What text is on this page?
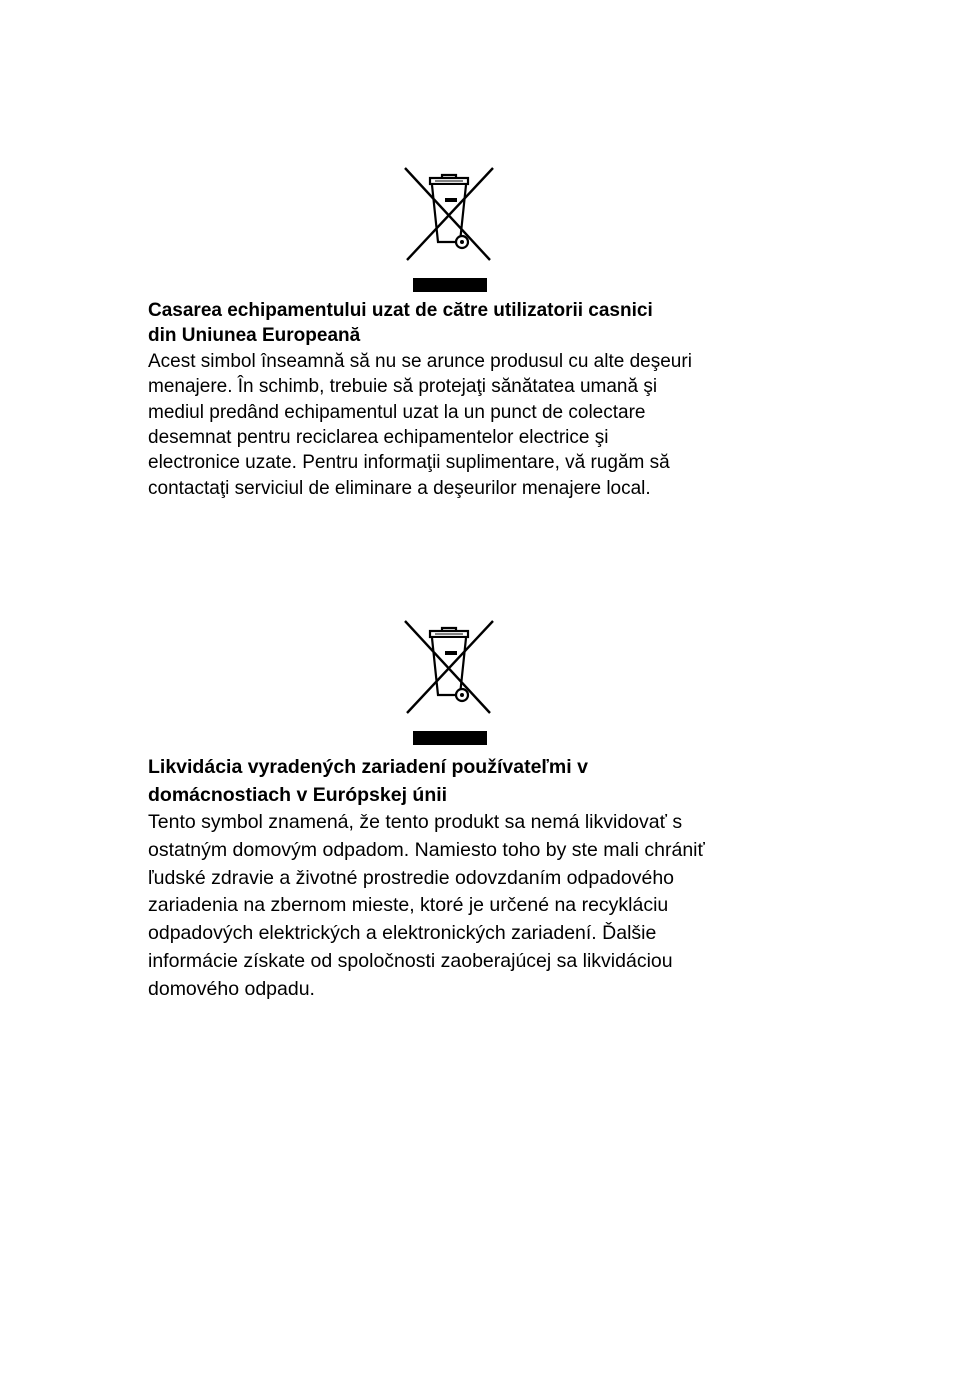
Casarea echipamentului uzat de către utilizatorii casnici
din Uniunea Europeană

Acest simbol înseamnă să nu se arunce produsul cu alte deşeuri
menajere. În schimb, trebuie să protejaţi sănătatea umană şi
mediul predând echipamentul uzat la un punct de colectare
desemnat pentru reciclarea echipamentelor electrice şi
electronice uzate. Pentru informaţii suplimentare, vă rugăm să
contactaţi serviciul de eliminare a deşeurilor menajere local.

Likvidácia vyradených zariadení používateľmi v
domácnostiach v Európskej únii

Tento symbol znamená, že tento produkt sa nemá likvidovať s
ostatným domovým odpadom. Namiesto toho by ste mali chrániť
ľudské zdravie a životné prostredie odovzdaním odpadového
zariadenia na zbernom mieste, ktoré je určené na recykláciu
odpadových elektrických a elektronických zariadení. Ďalšie
informácie získate od spoločnosti zaoberajúcej sa likvidáciou
domového odpadu.
